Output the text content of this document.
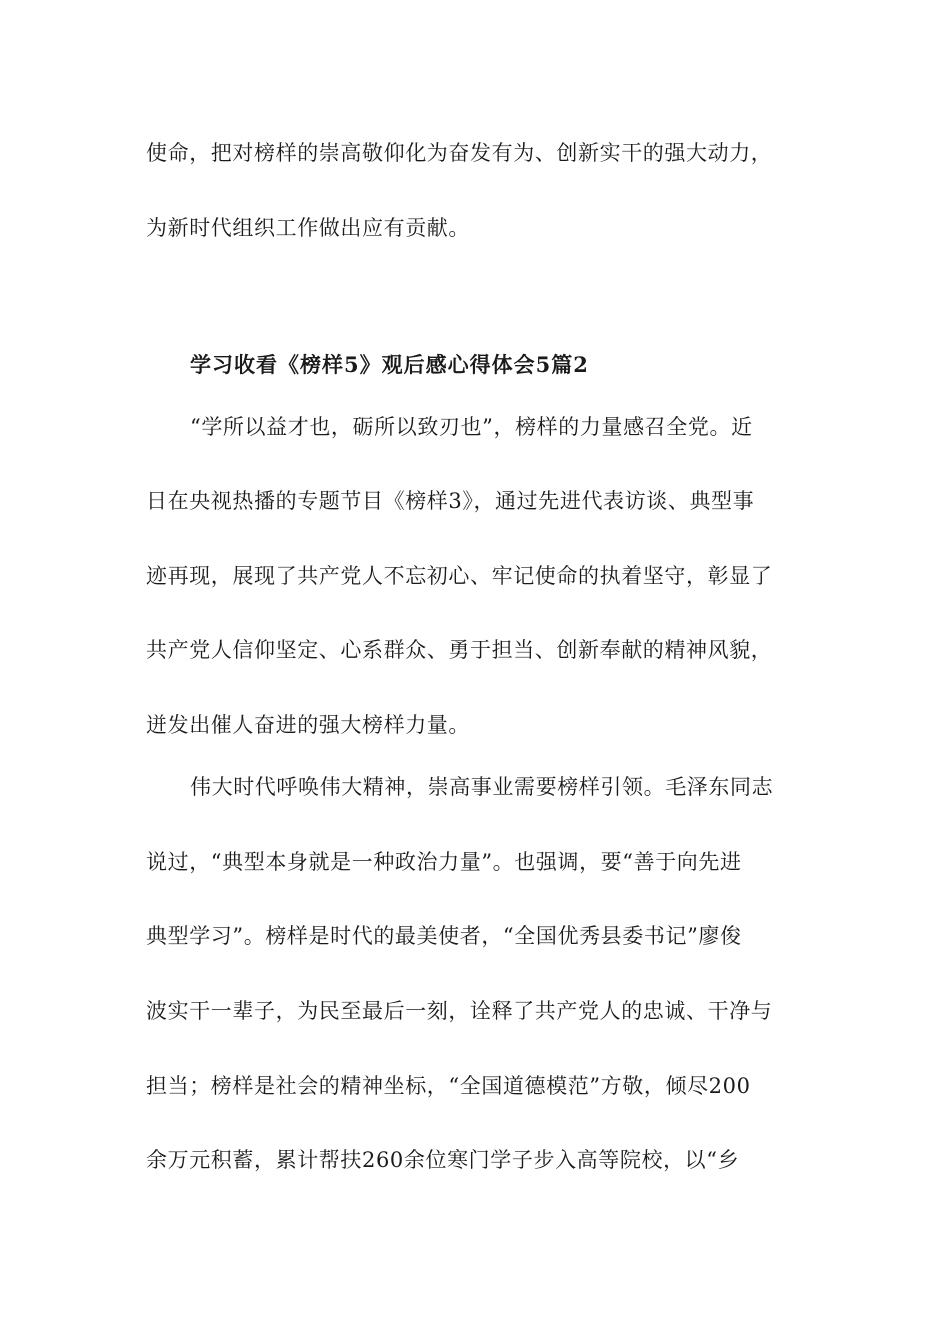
使命，把对榜样的崇高敬仰化为奋发有为、创新实干的强大动力，
为新时代组织工作做出应有贡献。
学习收看《榜样5》观后感心得体会5篇2
“学所以益才也，砺所以致刃也”，榜样的力量感召全党。近
日在央视热播的专题节目《榜样3》，通过先进代表访谈、典型事
迹再现，展现了共产党人不忘初心、牢记使命的执着坚守，彰显了
共产党人信仰坚定、心系群众、勇于担当、创新奉献的精神风貌，
迸发出催人奋进的强大榜样力量。
伟大时代呼唤伟大精神，崇高事业需要榜样引领。毛泽东同志
说过，“典型本身就是一种政治力量”。也强调，要“善于向先进
典型学习”。榜样是时代的最美使者，“全国优秀县委书记”廖俊
波实干一辈子，为民至最后一刻，诠释了共产党人的忠诚、干净与
担当；榜样是社会的精神坐标，“全国道德模范”方敬，倾尽200
余万元积蓄，累计帮扶260余位寒门学子步入高等院校，以“乡
